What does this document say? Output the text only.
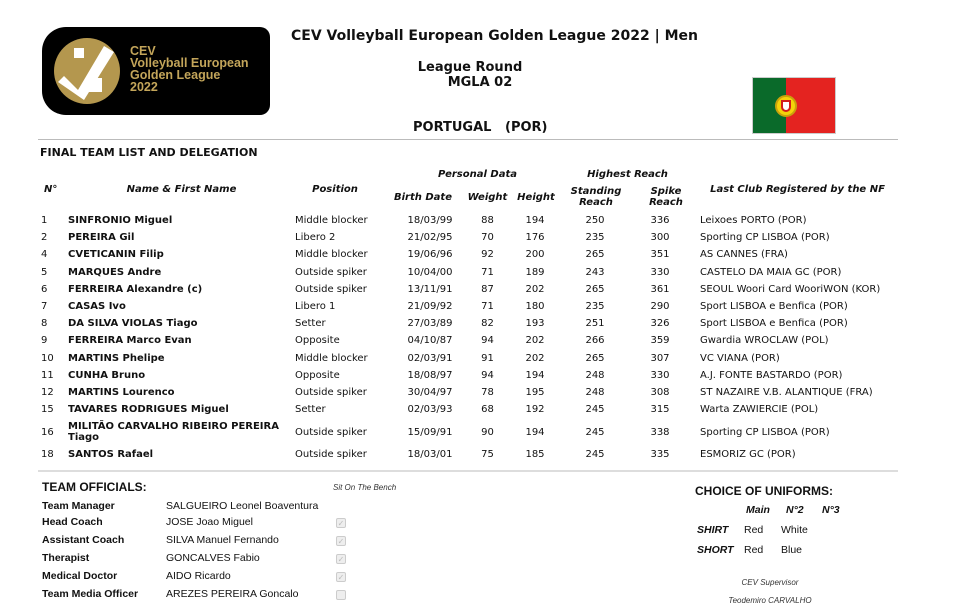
CEV
Volleyball European
Golden League
2022
CEV Volleyball European Golden League 2022 | Men
League Round
MGLA 02
PORTUGAL   (POR)
FINAL TEAM LIST AND DELEGATION
N°	Name & First Name	Position
Personal Data
Birth Date	Weight Height
Highest Reach
Standing Reach
Spike Reach
Last Club Registered by the NF
1	SINFRONIO Miguel	Middle blocker	18/03/99	88	194	250	336	Leixoes PORTO (POR)
2	PEREIRA Gil	Libero 2	21/02/95	70	176	235	300	Sporting CP LISBOA (POR)
4	CVETICANIN Filip	Middle blocker	19/06/96	92	200	265	351	AS CANNES (FRA)
5	MARQUES Andre	Outside spiker	10/04/00	71	189	243	330	CASTELO DA MAIA GC (POR)
6	FERREIRA Alexandre (c)	Outside spiker	13/11/91	87	202	265	361	SEOUL Woori Card WooriWON (KOR)
7	CASAS Ivo	Libero 1	21/09/92	71	180	235	290	Sport LISBOA e Benfica (POR)
8	DA SILVA VIOLAS Tiago	Setter	27/03/89	82	193	251	326	Sport LISBOA e Benfica (POR)
9	FERREIRA Marco Evan	Opposite	04/10/87	94	202	266	359	Gwardia WROCLAW (POL)
10	MARTINS Phelipe	Middle blocker	02/03/91	91	202	265	307	VC VIANA (POR)
11	CUNHA Bruno	Opposite	18/08/97	94	194	248	330	A.J. FONTE BASTARDO (POR)
12	MARTINS Lourenco	Outside spiker	30/04/97	78	195	248	308	ST NAZAIRE V.B. ALANTIQUE (FRA)
15	TAVARES RODRIGUES Miguel	Setter	02/03/93	68	192	245	315	Warta ZAWIERCIE (POL)
16	MILITÃO CARVALHO RIBEIRO PEREIRA Tiago	Outside spiker	15/09/91	90	194	245	338	Sporting CP LISBOA (POR)
18	SANTOS Rafael	Outside spiker	18/03/01	75	185	245	335	ESMORIZ GC (POR)
TEAM OFFICIALS:	Sit On The Bench
Team Manager	SALGUEIRO Leonel Boaventura
Head Coach	JOSE Joao Miguel	✓
Assistant Coach	SILVA Manuel Fernando	✓
Therapist	GONCALVES Fabio	✓
Medical Doctor	AIDO Ricardo	✓
Team Media Officer	AREZES PEREIRA Goncalo
CHOICE OF UNIFORMS:
Main N°2 N°3
SHIRT Red White
SHORT Red Blue
CEV Supervisor
Teodemiro CARVALHO
